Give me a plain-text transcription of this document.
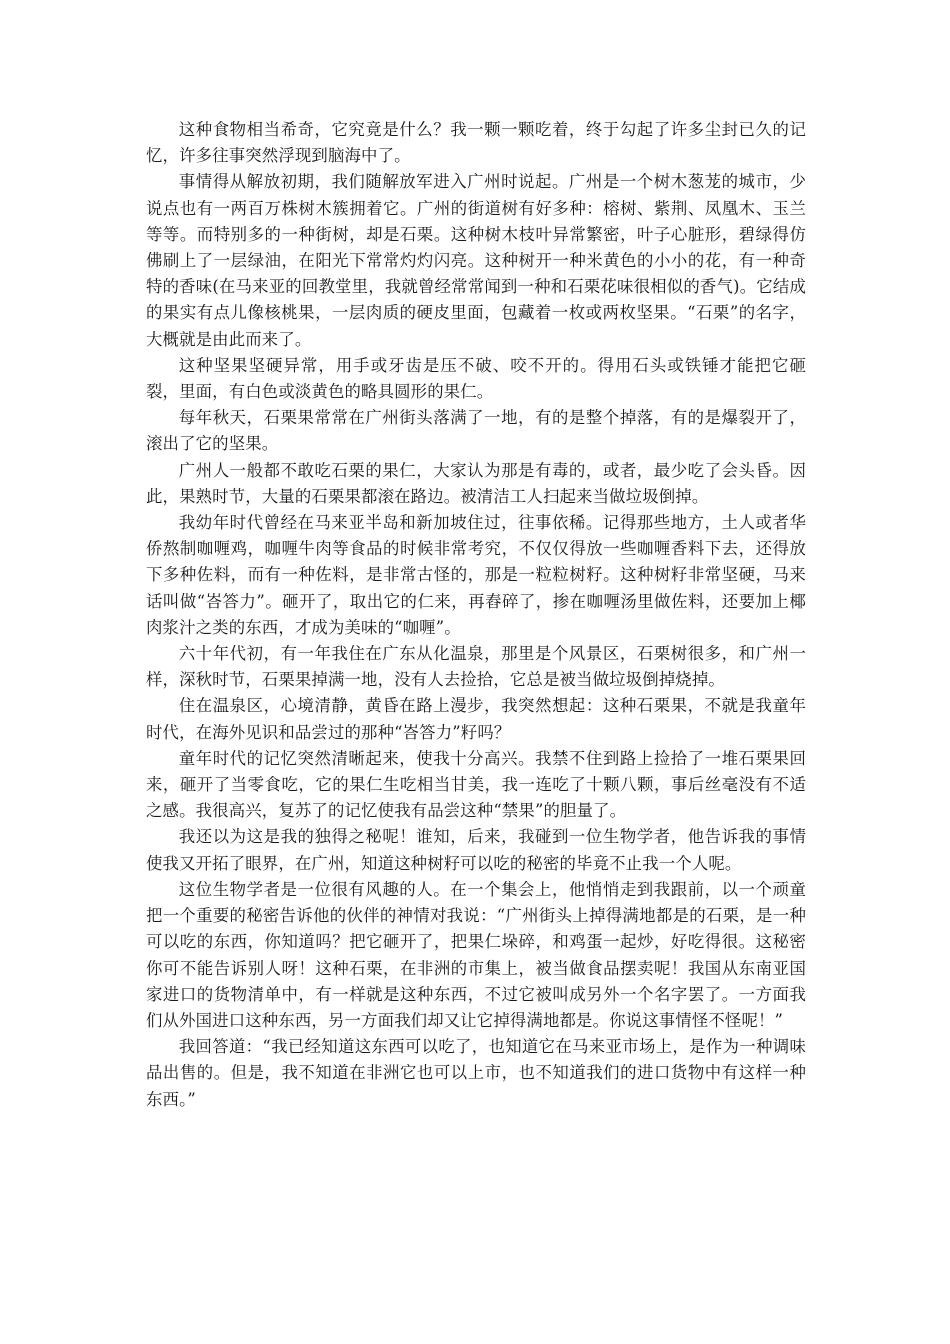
这种食物相当希奇，它究竟是什么？我一颗一颗吃着，终于勾起了许多尘封已久的记忆，许多往事突然浮现到脑海中了。

事情得从解放初期，我们随解放军进入广州时说起。广州是一个树木葱茏的城市，少说点也有一两百万株树木簇拥着它。广州的街道树有好多种：榕树、紫荆、凤凰木、玉兰等等。而特别多的一种街树，却是石栗。这种树木枝叶异常繁密，叶子心脏形，碧绿得仿佛刷上了一层绿油，在阳光下常常灼灼闪亮。这种树开一种米黄色的小小的花，有一种奇特的香味(在马来亚的回教堂里，我就曾经常常闻到一种和石栗花味很相似的香气)。它结成的果实有点儿像核桃果，一层肉质的硬皮里面，包藏着一枚或两枚坚果。“石栗”的名字，大概就是由此而来了。

这种坚果坚硬异常，用手或牙齿是压不破、咬不开的。得用石头或铁锤才能把它砸裂，里面，有白色或淡黄色的略具圆形的果仁。

每年秋天，石栗果常常在广州街头落满了一地，有的是整个掉落，有的是爆裂开了，滚出了它的坚果。

广州人一般都不敢吃石栗的果仁，大家认为那是有毒的，或者，最少吃了会头昏。因此，果熟时节，大量的石栗果都滚在路边。被清洁工人扫起来当做垃圾倒掉。

我幼年时代曾经在马来亚半岛和新加坡住过，往事依稀。记得那些地方，土人或者华侨熬制咖喱鸡，咖喱牛肉等食品的时候非常考究，不仅仅得放一些咖喱香料下去，还得放下多种佐料，而有一种佐料，是非常古怪的，那是一粒粒树籽。这种树籽非常坚硬，马来话叫做“峇答力”。砸开了，取出它的仁来，再舂碎了，掺在咖喱汤里做佐料，还要加上椰肉浆汁之类的东西，才成为美味的“咖喱”。

六十年代初，有一年我住在广东从化温泉，那里是个风景区，石栗树很多，和广州一样，深秋时节，石栗果掉满一地，没有人去捡拾，它总是被当做垃圾倒掉烧掉。

住在温泉区，心境清静，黄昏在路上漫步，我突然想起：这种石栗果，不就是我童年时代，在海外见识和品尝过的那种“峇答力”籽吗？

童年时代的记忆突然清晰起来，使我十分高兴。我禁不住到路上捡拾了一堆石栗果回来，砸开了当零食吃，它的果仁生吃相当甘美，我一连吃了十颗八颗，事后丝毫没有不适之感。我很高兴，复苏了的记忆使我有品尝这种“禁果”的胆量了。

我还以为这是我的独得之秘呢！谁知，后来，我碰到一位生物学者，他告诉我的事情使我又开拓了眼界，在广州，知道这种树籽可以吃的秘密的毕竟不止我一个人呢。

这位生物学者是一位很有风趣的人。在一个集会上，他悄悄走到我跟前，以一个顽童把一个重要的秘密告诉他的伙伴的神情对我说：“广州街头上掉得满地都是的石栗，是一种可以吃的东西，你知道吗？把它砸开了，把果仁垛碎，和鸡蛋一起炒，好吃得很。这秘密你可不能告诉别人呀！这种石栗，在非洲的市集上，被当做食品摆卖呢！我国从东南亚国家进口的货物清单中，有一样就是这种东西，不过它被叫成另外一个名字罢了。一方面我们从外国进口这种东西，另一方面我们却又让它掉得满地都是。你说这事情怪不怪呢！”

我回答道：“我已经知道这东西可以吃了，也知道它在马来亚市场上，是作为一种调味品出售的。但是，我不知道在非洲它也可以上市，也不知道我们的进口货物中有这样一种东西。”
